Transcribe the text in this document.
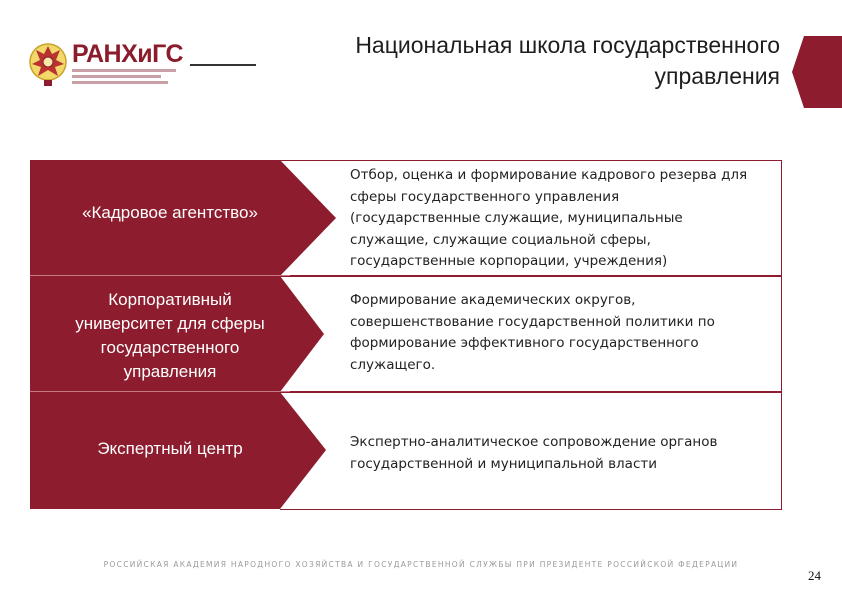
РАНХиГС	Национальная школа государственного
управления
«Кадровое агентство»
Корпоративный
университет для сферы
государственного
управления
Экспертный центр
Отбор, оценка и формирование кадрового резерва для
сферы государственного управления
(государственные служащие, муниципальные
служащие, служащие социальной сферы,
государственные корпорации, учреждения)
Формирование академических округов,
совершенствование государственной политики по
формирование эффективного государственного
служащего.
Экспертно-аналитическое сопровождение органов
государственной и муниципальной власти
РОССИЙСКАЯ АКАДЕМИЯ НАРОДНОГО ХОЗЯЙСТВА И ГОСУДАРСТВЕННОЙ СЛУЖБЫ ПРИ ПРЕЗИДЕНТЕ РОССИЙСКОЙ ФЕДЕРАЦИИ
24
